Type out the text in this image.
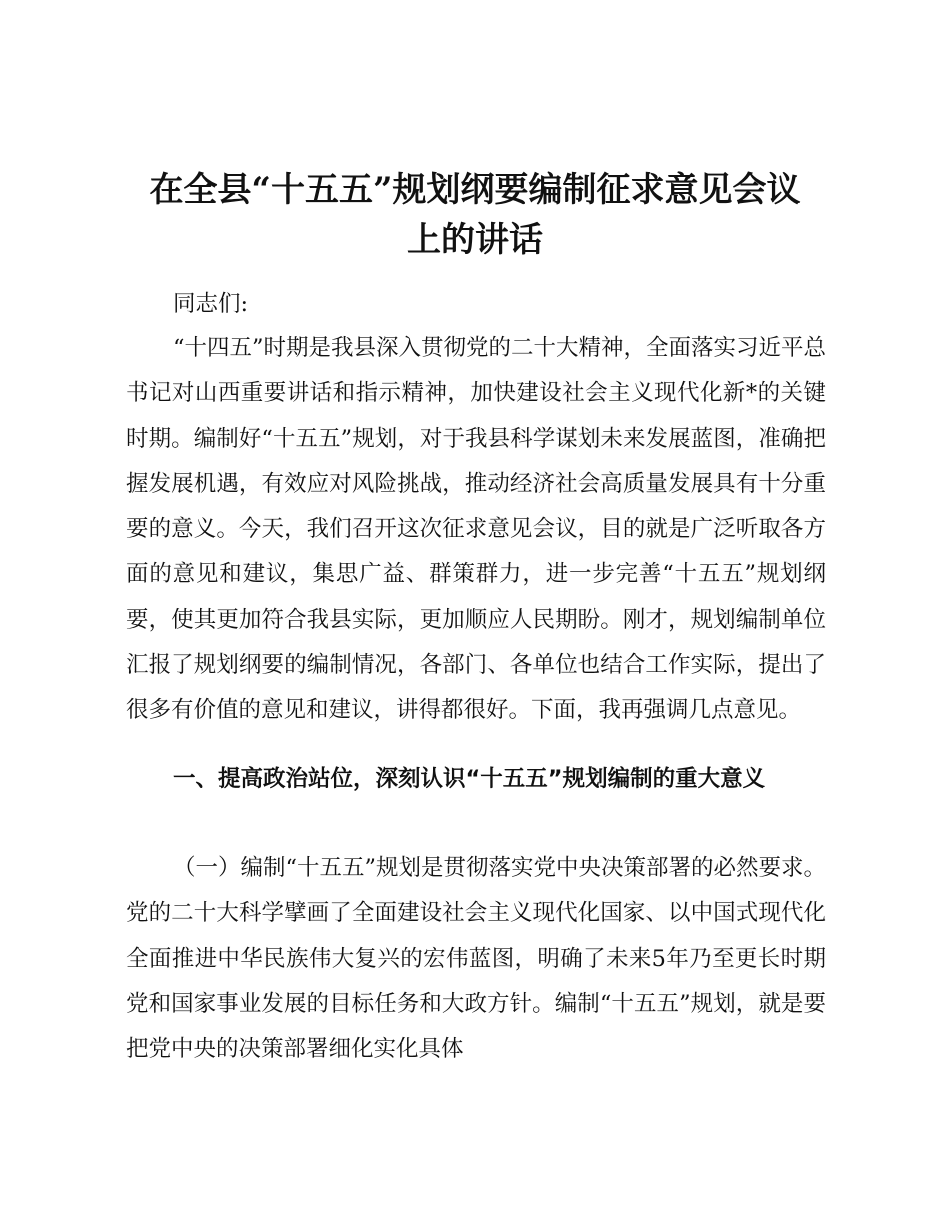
在全县“十五五”规划纲要编制征求意见会议
上的讲话

同志们:

“十四五”时期是我县深入贯彻党的二十大精神，全面落实习近平总书记对山西重要讲话和指示精神，加快建设社会主义现代化新*的关键时期。编制好“十五五”规划，对于我县科学谋划未来发展蓝图，准确把握发展机遇，有效应对风险挑战，推动经济社会高质量发展具有十分重要的意义。今天，我们召开这次征求意见会议，目的就是广泛听取各方面的意见和建议，集思广益、群策群力，进一步完善“十五五”规划纲要，使其更加符合我县实际，更加顺应人民期盼。刚才，规划编制单位汇报了规划纲要的编制情况，各部门、各单位也结合工作实际，提出了很多有价值的意见和建议，讲得都很好。下面，我再强调几点意见。

一、提高政治站位，深刻认识“十五五”规划编制的重大意义

（一）编制“十五五”规划是贯彻落实党中央决策部署的必然要求。党的二十大科学擘画了全面建设社会主义现代化国家、以中国式现代化全面推进中华民族伟大复兴的宏伟蓝图，明确了未来5年乃至更长时期党和国家事业发展的目标任务和大政方针。编制“十五五”规划，就是要把党中央的决策部署细化实化具体
